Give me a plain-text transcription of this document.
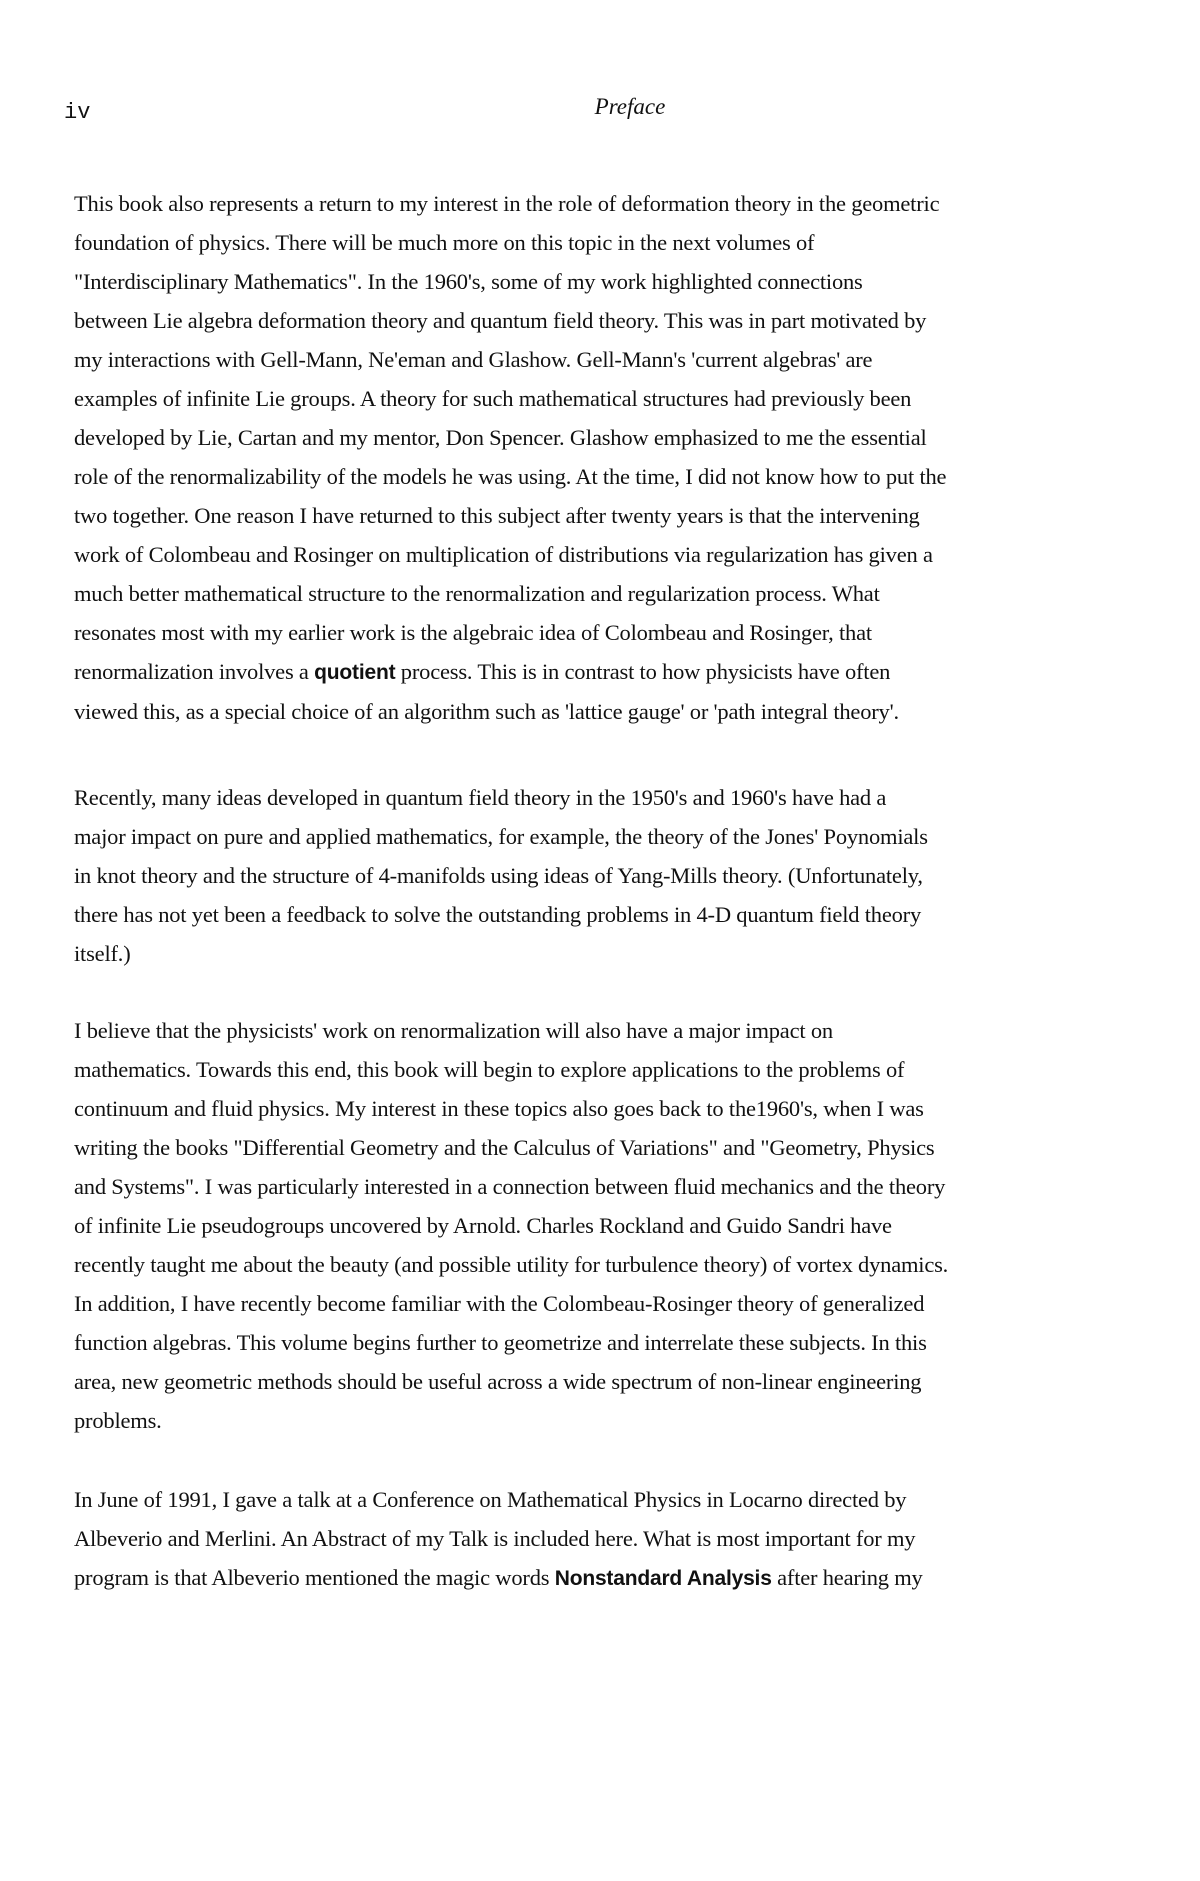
iv	Preface
This book also represents a return to my interest in the role of deformation theory in the geometric
foundation of physics. There will be much more on this topic in the next volumes of
"Interdisciplinary Mathematics". In the 1960's, some of my work highlighted connections
between Lie algebra deformation theory and quantum field theory. This was in part motivated by
my interactions with Gell-Mann, Ne'eman and Glashow. Gell-Mann's 'current algebras' are
examples of infinite Lie groups. A theory for such mathematical structures had previously been
developed by Lie, Cartan and my mentor, Don Spencer. Glashow emphasized to me the essential
role of the renormalizability of the models he was using. At the time, I did not know how to put the
two together. One reason I have returned to this subject after twenty years is that the intervening
work of Colombeau and Rosinger on multiplication of distributions via regularization has given a
much better mathematical structure to the renormalization and regularization process. What
resonates most with my earlier work is the algebraic idea of Colombeau and Rosinger, that
renormalization involves a quotient process. This is in contrast to how physicists have often
viewed this, as a special choice of an algorithm such as 'lattice gauge' or 'path integral theory'.
Recently, many ideas developed in quantum field theory in the 1950's and 1960's have had a
major impact on pure and applied mathematics, for example, the theory of the Jones' Poynomials
in knot theory and the structure of 4-manifolds using ideas of Yang-Mills theory. (Unfortunately,
there has not yet been a feedback to solve the outstanding problems in 4-D quantum field theory
itself.)
I believe that the physicists' work on renormalization will also have a major impact on
mathematics. Towards this end, this book will begin to explore applications to the problems of
continuum and fluid physics. My interest in these topics also goes back to the1960's, when I was
writing the books "Differential Geometry and the Calculus of Variations" and "Geometry, Physics
and Systems". I was particularly interested in a connection between fluid mechanics and the theory
of infinite Lie pseudogroups uncovered by Arnold. Charles Rockland and Guido Sandri have
recently taught me about the beauty (and possible utility for turbulence theory) of vortex dynamics.
In addition, I have recently become familiar with the Colombeau-Rosinger theory of generalized
function algebras. This volume begins further to geometrize and interrelate these subjects. In this
area, new geometric methods should be useful across a wide spectrum of non-linear engineering
problems.
In June of 1991, I gave a talk at a Conference on Mathematical Physics in Locarno directed by
Albeverio and Merlini. An Abstract of my Talk is included here. What is most important for my
program is that Albeverio mentioned the magic words Nonstandard Analysis after hearing my
